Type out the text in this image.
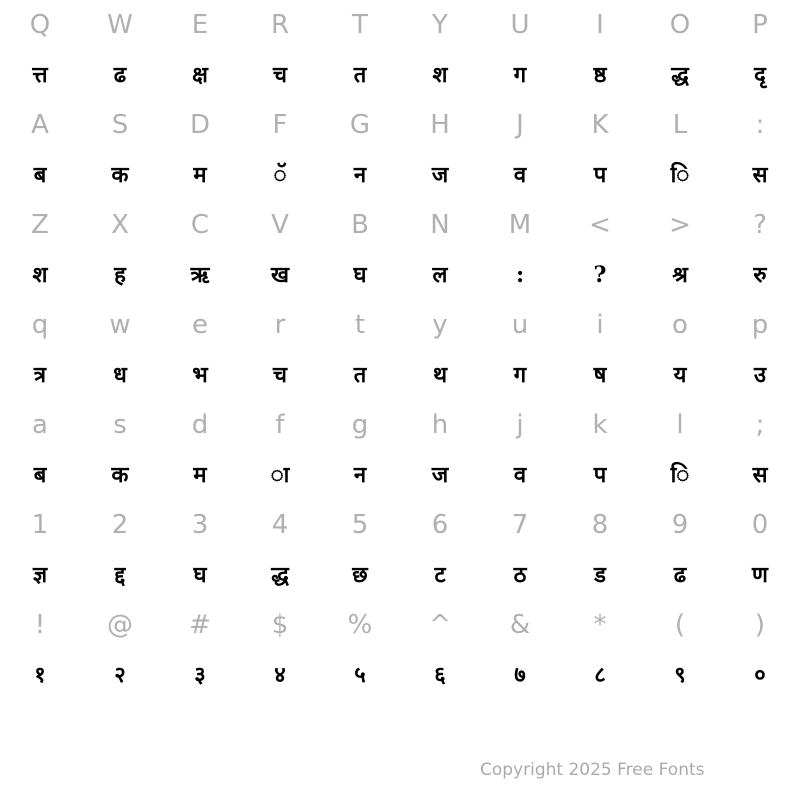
Q W E R T Y U	I	O P
त्त	ढ	क्ष	च	त	श	ग	ष्ठ	द्ध	दृ
A S D F G H	J	K L	:
ब	क	म	ॅ	न	ज	व	प	ि	स
Z X C V B N M < > ?
श	ह	ऋ	ख	घ	ल	:	?	श्र	रु
q w e	r	t	y u	i	o p
त्र	ध	भ	च	त	थ	ग	ष	य	उ
a	s d	f	g h	j	k	l	;
ब	क	म	ा	न	ज	व	प	ि	स
1 2 3 4 5 6 7 8 9 0
ज्ञ	द्द	घ	द्ध	छ	ट	ठ	ड	ढ	ण
! @ # $ % ^ & *	(	)
१	२	३	४	५	६	७	८	९	०
Copyright 2025 Free Fonts
